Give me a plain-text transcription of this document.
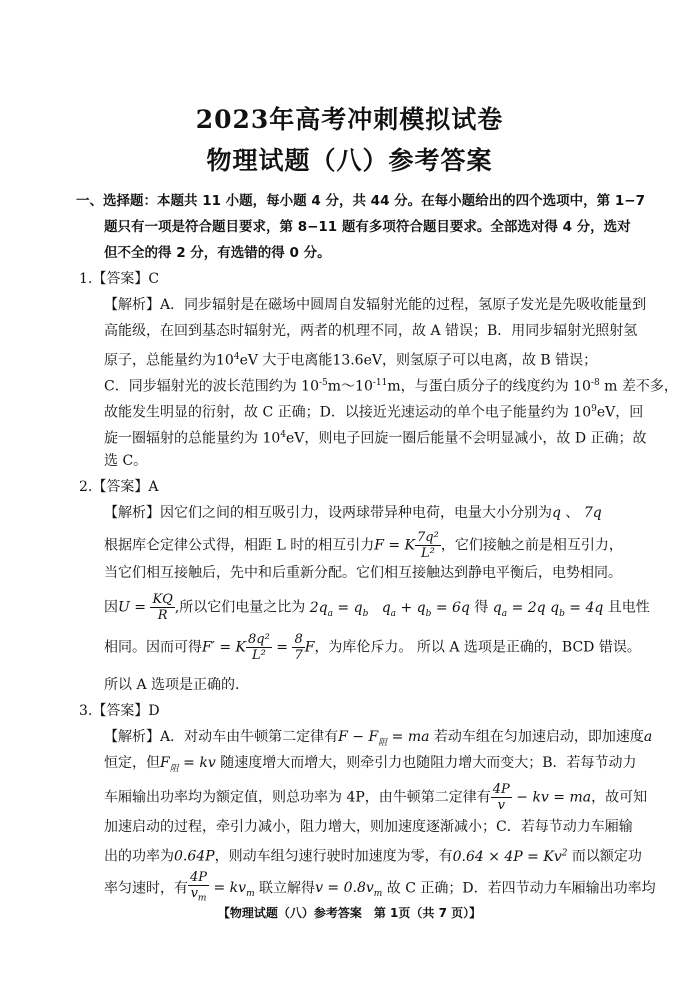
2023年高考冲刺模拟试卷
物理试题（八）参考答案
一、选择题：本题共 11 小题，每小题 4 分，共 44 分。在每小题给出的四个选项中，第 1−7
题只有一项是符合题目要求，第 8−11 题有多项符合题目要求。全部选对得 4 分，选对
但不全的得 2 分，有选错的得 0 分。
1.【答案】C
【解析】A．同步辐射是在磁场中圆周自发辐射光能的过程，氢原子发光是先吸收能量到
高能级，在回到基态时辐射光，两者的机理不同，故 A 错误；B．用同步辐射光照射氢
原子，总能量约为$10^4eV$ 大于电离能13.6eV，则氢原子可以电离，故 B 错误；
C．同步辐射光的波长范围约为 $10^{-5}m\sim 10^{-11}m$，与蛋白质分子的线度约为 $10^{-8}$ m 差不多，
故能发生明显的衍射，故 C 正确；D．以接近光速运动的单个电子能量约为 $10^9eV$，回
旋一圈辐射的总能量约为 $10^4eV$，则电子回旋一圈后能量不会明显减小，故 D 正确；故
选 C。
2.【答案】A
【解析】因它们之间的相互吸引力，设两球带异种电荷，电量大小分别为q 、 7q
根据库仑定律公式得，相距 L 时的相互引力F = K $\frac{\text{7q²}}{\text{L²}}$ ，它们接触之前是相互引力，
当它们相互接触后，先中和后重新分配。它们相互接触达到静电平衡后，电势相同。
因$U = \frac{KQ}{R}$ ,所以它们电量之比为 $2q_a = q_b$ $q_a + q_b = 6q$ 得 $q_a = 2q$ $q_b = 4q$ 且电性
相同。因而可得F′ = K $\frac{\text{8q²}}{\text{L²}} = \frac{8}{7}$ F，为库伦斥力。 所以 A 选项是正确的，BCD 错误。
所以 A 选项是正确的.
3.【答案】D
【解析】A．对动车由牛顿第二定律有$F - F_阻$ = ma 若动车组在匀加速启动，即加速度a
恒定，但$F_阻$ = kv 随速度增大而增大，则牵引力也随阻力增大而变大；B．若每节动力
车厢输出功率均为额定值，则总功率为 4P，由牛顿第二定律有 $\frac{4P}{v}$ − kv = ma，故可知
加速启动的过程，牵引力减小，阻力增大，则加速度逐渐减小；C．若每节动力车厢输
出的功率为0.64P，则动车组匀速行驶时加速度为零，有$0.64 \times 4P = Kv^2$ 而以额定功
率匀速时，有 $\frac{4P}{v_m} = kv_m$ 联立解得$v = 0.8v_m$ 故 C 正确；D．若四节动力车厢输出功率均
【物理试题（八）参考答案　第 1页（共 7 页）】
